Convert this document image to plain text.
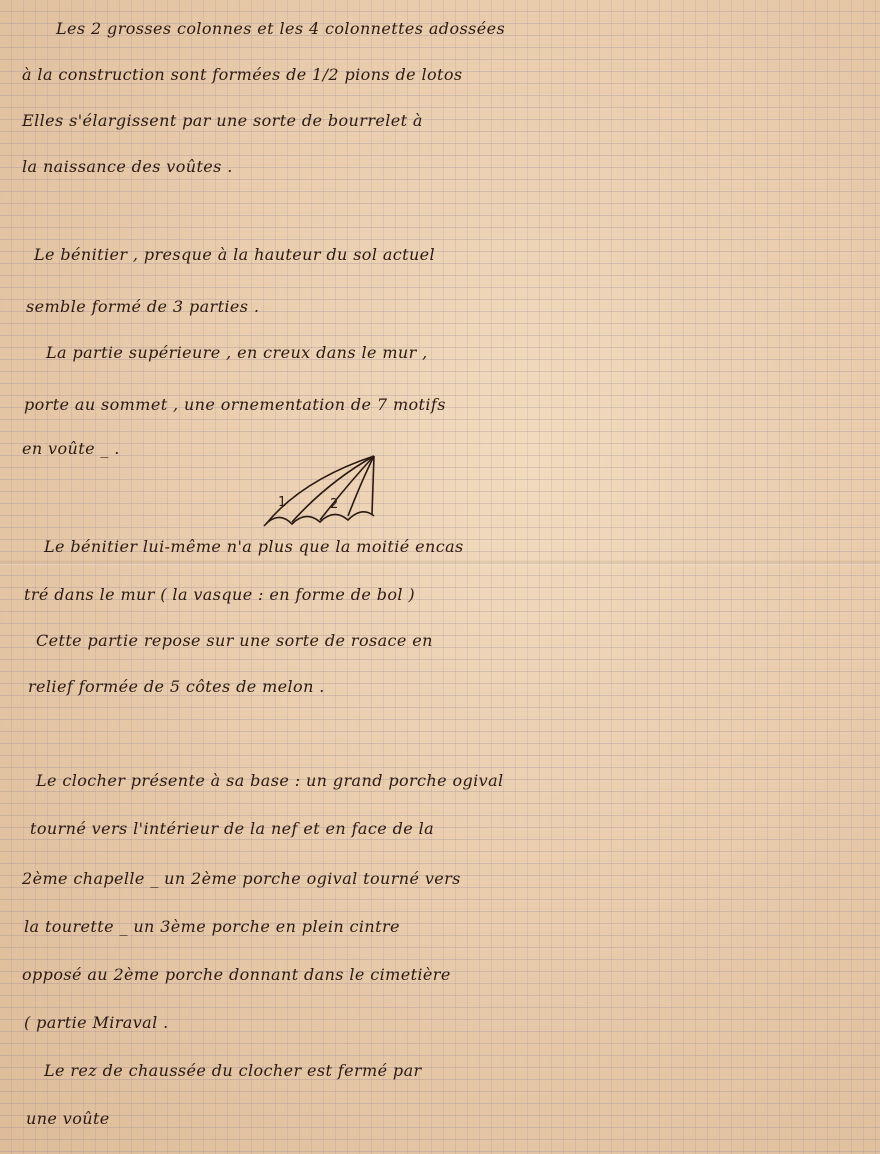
Les 2 grosses colonnes et les 4 colonnettes adossées

à la construction sont formées de 1/2 pions de lotos

Elles s'élargissent par une sorte de bourrelet à

la naissance des voûtes .

Le bénitier , presque à la hauteur du sol actuel

semble formé de 3 parties .

La partie supérieure , en creux dans le mur ,

porte au sommet , une ornementation de 7 motifs

en voûte _ .

1	2

Le bénitier lui-même n'a plus que la moitié encas

tré dans le mur ( la vasque : en forme de bol )

Cette partie repose sur une sorte de rosace en

relief formée de 5 côtes de melon .

Le clocher présente à sa base : un grand porche ogival

tourné vers l'intérieur de la nef et en face de la

2ème chapelle _ un 2ème porche ogival tourné vers

la tourette _ un 3ème porche en plein cintre

opposé au 2ème porche donnant dans le cimetière

( partie Miraval .

Le rez de chaussée du clocher est fermé par

une voûte
